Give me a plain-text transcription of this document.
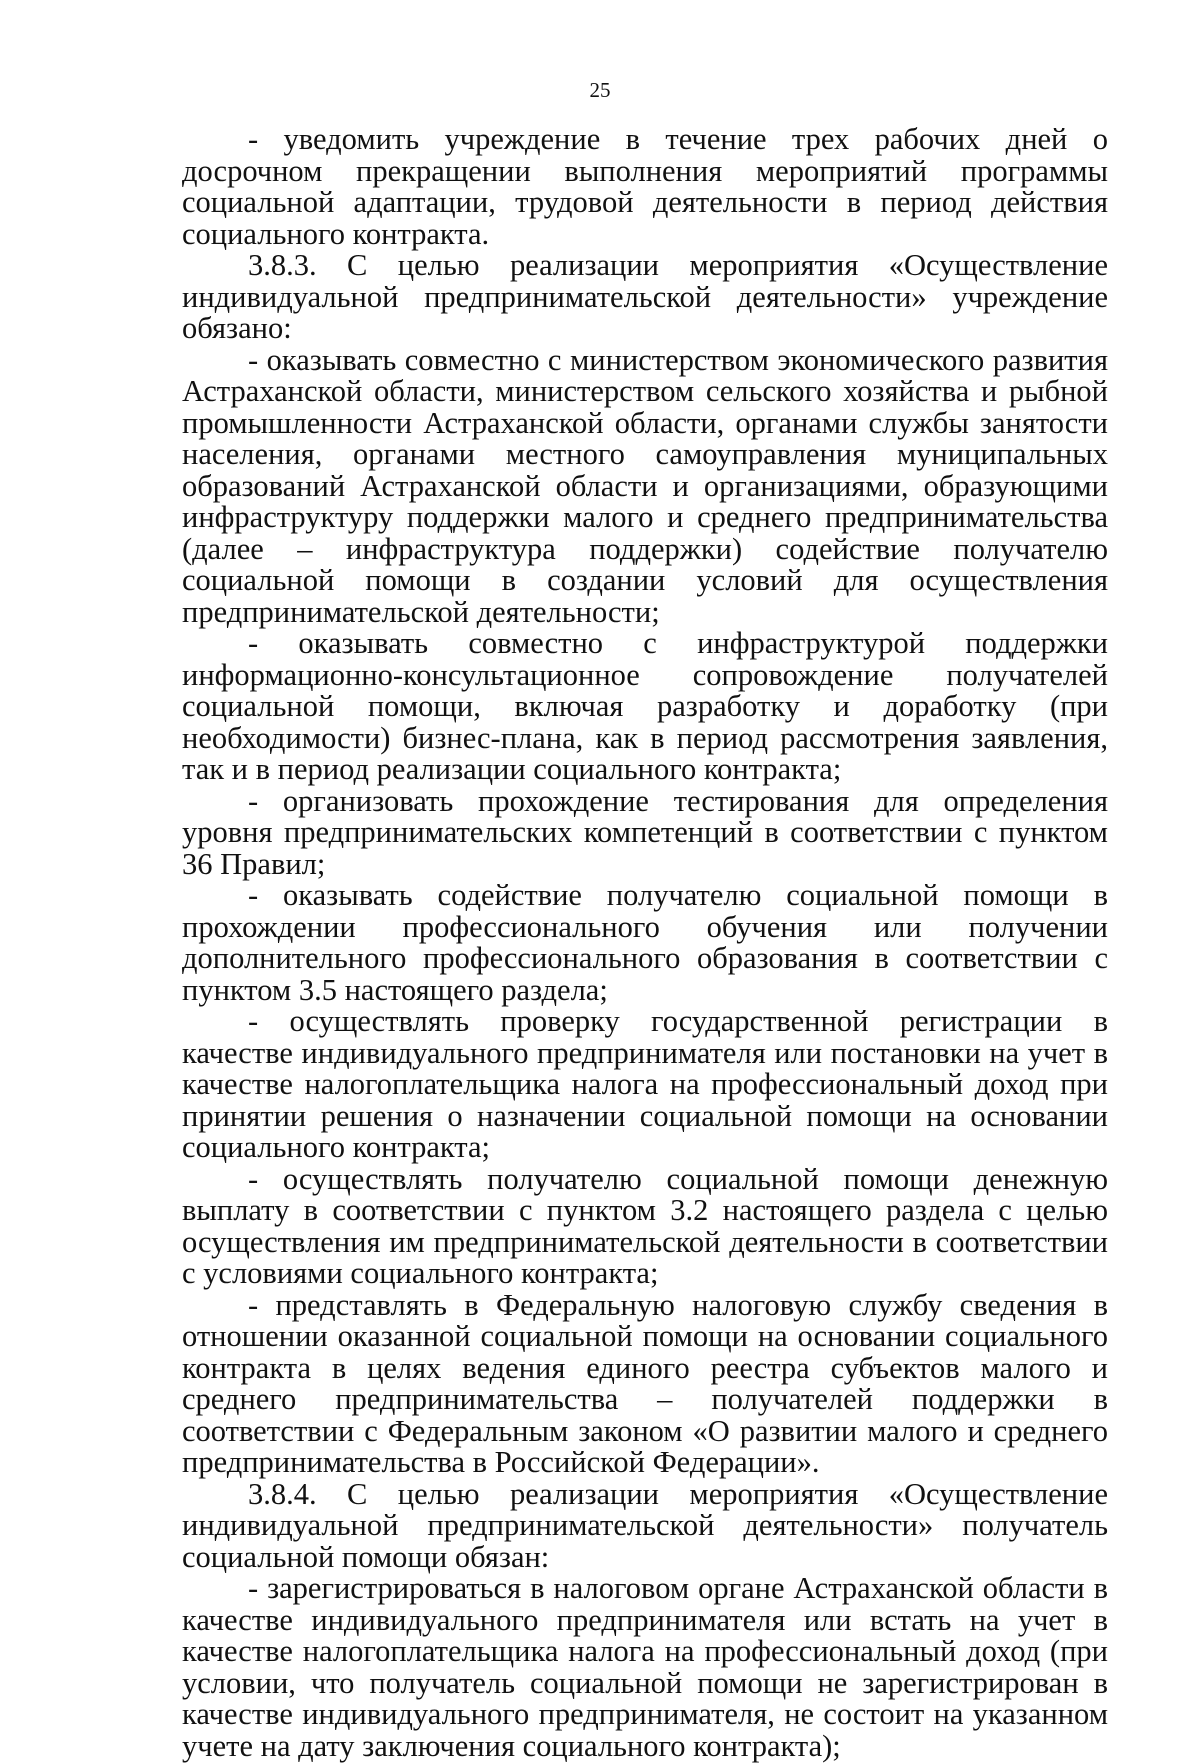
25

- уведомить учреждение в течение трех рабочих дней о досрочном прекращении выполнения мероприятий программы социальной адаптации, трудовой деятельности в период действия социального контракта.

3.8.3. С целью реализации мероприятия «Осуществление индивидуальной предпринимательской деятельности» учреждение обязано:

- оказывать совместно с министерством экономического развития Астраханской области, министерством сельского хозяйства и рыбной промышленности Астраханской области, органами службы занятости населения, органами местного самоуправления муниципальных образований Астраханской области и организациями, образующими инфраструктуру поддержки малого и среднего предпринимательства (далее – инфраструктура поддержки) содействие получателю социальной помощи в создании условий для осуществления предпринимательской деятельности;

- оказывать совместно с инфраструктурой поддержки информационно-консультационное сопровождение получателей социальной помощи, включая разработку и доработку (при необходимости) бизнес-плана, как в период рассмотрения заявления, так и в период реализации социального контракта;

- организовать прохождение тестирования для определения уровня предпринимательских компетенций в соответствии с пунктом 36 Правил;

- оказывать содействие получателю социальной помощи в прохождении профессионального обучения или получении дополнительного профессионального образования в соответствии с пунктом 3.5 настоящего раздела;

- осуществлять проверку государственной регистрации в качестве индивидуального предпринимателя или постановки на учет в качестве налогоплательщика налога на профессиональный доход при принятии решения о назначении социальной помощи на основании социального контракта;

- осуществлять получателю социальной помощи денежную выплату в соответствии с пунктом 3.2 настоящего раздела с целью осуществления им предпринимательской деятельности в соответствии с условиями социального контракта;

- представлять в Федеральную налоговую службу сведения в отношении оказанной социальной помощи на основании социального контракта в целях ведения единого реестра субъектов малого и среднего предпринимательства – получателей поддержки в соответствии с Федеральным законом «О развитии малого и среднего предпринимательства в Российской Федерации».

3.8.4. С целью реализации мероприятия «Осуществление индивидуальной предпринимательской деятельности» получатель социальной помощи обязан:

- зарегистрироваться в налоговом органе Астраханской области в качестве индивидуального предпринимателя или встать на учет в качестве налогоплательщика налога на профессиональный доход (при условии, что получатель социальной помощи не зарегистрирован в качестве индивидуального предпринимателя, не состоит на указанном учете на дату заключения социального контракта);
